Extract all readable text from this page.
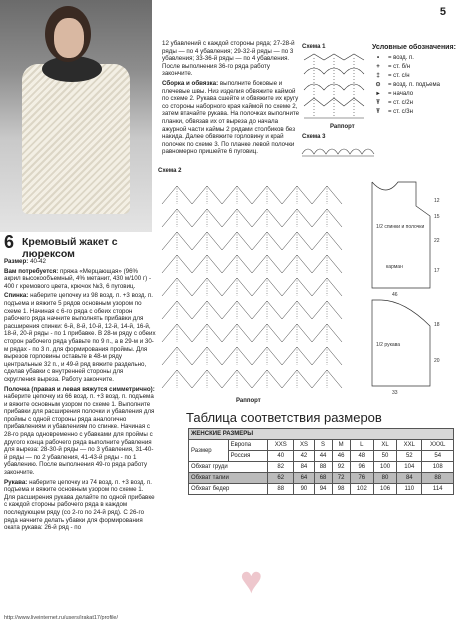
5
6 Кремовый жакет с люрексом

Размер: 40-42

Вам потребуется: пряжа «Мерцающая» (96% акрил высокообъемный, 4% метанит, 430 м/100 г) - 400 г кремового цвета, крючок №3, 6 пуговиц.

Спинка: наберите цепочку из 98 возд. п. +3 возд. п. подъема и вяжите 5 рядов основным узором по схеме 1. Начиная с 6-го ряда с обеих сторон рабочего ряда начните выполнять прибавки для расширения спинки: 6-й, 8-й, 10-й, 12-й, 14-й, 16-й, 18-й, 20-й ряды - по 1 прибавке. В 28-м ряду с обеих сторон рабочего ряда убавьте по 9 п., а в 29-м и 30-м рядах - по 3 п. для формирования проймы. Для вырезов горловины оставьте в 48-м ряду центральные 32 п., и 49-й ряд вяжите раздельно, сделав убавки с внутренней стороны для скругления выреза. Работу закончите.

Полочка (правая и левая вяжутся симметрично): наберите цепочку из 66 возд. п. +3 возд. п. подъема и вяжите основным узором по схеме 1. Выполните прибавки для расширения полочки и убавления для проймы с одной стороны ряда аналогично прибавлениям и убавлениям по спинке. Начиная с 28-го ряда одновременно с убавками для проймы с другого конца рабочего ряда выполните убавления для выреза: 28-30-й ряды — по 3 убавления, 31-40-й ряды — по 2 убавления, 41-43-й ряды - по 1 убавлению. После выполнения 49-го ряда работу закончите.

Рукава: наберите цепочку из 74 возд. п. +3 возд. п. подъема и вяжите основным узором по схеме 1. Для расширения рукава делайте по одной прибавке с каждой стороны рабочего ряда в каждом последующем ряду (со 2-го по 24-й ряд). С 26-го ряда начните делать убавки для формирования оката рукава: 26-й ряд - по

12 убавлений с каждой стороны ряда; 27-28-й ряды — по 4 убавления; 29-32-й ряды — по 3 убавления; 33-36-й ряды — по 4 убавления. После выполнения 36-го ряда работу закончите.

Сборка и обвязка: выполните боковые и плечевые швы. Низ изделия обвяжите каймой по схеме 2. Рукава сшейте и обвяжите их кругу со стороны наборного края каймой по схеме 2, затем втачайте рукава. На полочках выполните планки, обвязав их от выреза до начала ажурной части каймы 2 рядами столбиков без накида. Далее обвяжите горловину и край полочек по схеме 3. По планке левой полочки равномерно пришейте 6 пуговиц.

Схема 1
Раппорт
Схема 3
Условные обозначения:
•	= возд. п.
+	= ст. б/н
‡	= ст. с/н
⊙	= возд. п. подъема
▸	= начало
Ŧ	= ст. с/2н
Ŧ	= ст. с/3н
Схема 2
Раппорт
1/2 спинки и полочки
карман
1/2 рукава
12
15
22
17
46
18
20
33
Таблица соответствия размеров
ЖЕНСКИЕ РАЗМЕРЫ									
Размер	Европа	XXS	XS	S	M	L	XL	XXL	XXXL
	Россия	40	42	44	46	48	50	52	54
Обхват груди		82	84	88	92	96	100	104	108
Обхват талии		62	64	68	72	76	80	84	88
Обхват бедер		88	90	94	98	102	106	110	114
♥
http://www.liveinternet.ru/users/irakat17/profile/
